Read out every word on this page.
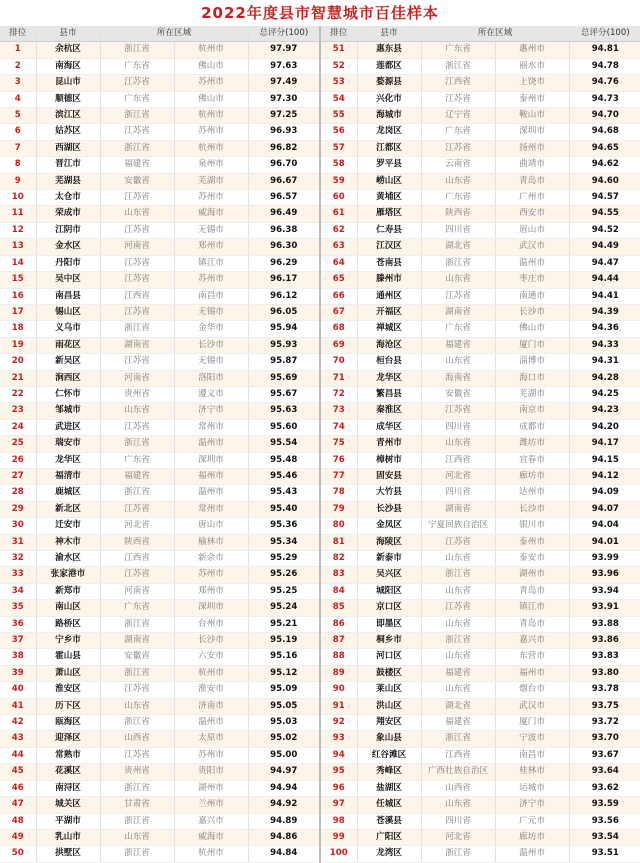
2022年度县市智慧城市百佳样本
排位	县市	所在区域		总评分(100)
1	余杭区	浙江省	杭州市	97.97
2	南海区	广东省	佛山市	97.63
3	昆山市	江苏省	苏州市	97.49
4	顺德区	广东省	佛山市	97.30
5	滨江区	浙江省	杭州市	97.25
6	姑苏区	江苏省	苏州市	96.93
7	西湖区	浙江省	杭州市	96.82
8	晋江市	福建省	泉州市	96.70
9	芜湖县	安徽省	芜湖市	96.67
10	太仓市	江苏省	苏州市	96.57
11	荣成市	山东省	威海市	96.49
12	江阴市	江苏省	无锡市	96.38
13	金水区	河南省	郑州市	96.30
14	丹阳市	江苏省	镇江市	96.29
15	吴中区	江苏省	苏州市	96.17
16	南昌县	江西省	南昌市	96.12
17	锡山区	江苏省	无锡市	96.05
18	义乌市	浙江省	金华市	95.94
19	雨花区	湖南省	长沙市	95.93
20	新吴区	江苏省	无锡市	95.87
21	涧西区	河南省	洛阳市	95.69
22	仁怀市	贵州省	遵义市	95.67
23	邹城市	山东省	济宁市	95.63
24	武进区	江苏省	常州市	95.60
25	瑞安市	浙江省	温州市	95.54
26	龙华区	广东省	深圳市	95.48
27	福清市	福建省	福州市	95.46
28	鹿城区	浙江省	温州市	95.43
29	新北区	江苏省	常州市	95.40
30	迁安市	河北省	唐山市	95.36
31	神木市	陕西省	榆林市	95.34
32	渝水区	江西省	新余市	95.29
33	张家港市	江苏省	苏州市	95.26
34	新郑市	河南省	郑州市	95.25
35	南山区	广东省	深圳市	95.24
36	路桥区	浙江省	台州市	95.21
37	宁乡市	湖南省	长沙市	95.19
38	霍山县	安徽省	六安市	95.16
39	萧山区	浙江省	杭州市	95.12
40	淮安区	江苏省	淮安市	95.09
41	历下区	山东省	济南市	95.05
42	瓯海区	浙江省	温州市	95.03
43	迎泽区	山西省	太原市	95.02
44	常熟市	江苏省	苏州市	95.00
45	花溪区	贵州省	贵阳市	94.97
46	南浔区	浙江省	湖州市	94.94
47	城关区	甘肃省	兰州市	94.92
48	平湖市	浙江省	嘉兴市	94.89
49	乳山市	山东省	威海市	94.86
50	拱墅区	浙江省	杭州市	94.84
排位	县市	所在区域		总评分(100)
51	惠东县	广东省	惠州市	94.81
52	莲都区	浙江省	丽水市	94.78
53	婺源县	江西省	上饶市	94.76
54	兴化市	江苏省	泰州市	94.73
55	海城市	辽宁省	鞍山市	94.70
56	龙岗区	广东省	深圳市	94.68
57	江都区	江苏省	扬州市	94.65
58	罗平县	云南省	曲靖市	94.62
59	崂山区	山东省	青岛市	94.60
60	黄埔区	广东省	广州市	94.57
61	雁塔区	陕西省	西安市	94.55
62	仁寿县	四川省	眉山市	94.52
63	江汉区	湖北省	武汉市	94.49
64	苍南县	浙江省	温州市	94.47
65	滕州市	山东省	枣庄市	94.44
66	通州区	江苏省	南通市	94.41
67	开福区	湖南省	长沙市	94.39
68	禅城区	广东省	佛山市	94.36
69	海沧区	福建省	厦门市	94.33
70	桓台县	山东省	淄博市	94.31
71	龙华区	海南省	海口市	94.28
72	繁昌县	安徽省	芜湖市	94.25
73	秦淮区	江苏省	南京市	94.23
74	成华区	四川省	成都市	94.20
75	青州市	山东省	潍坊市	94.17
76	樟树市	江西省	宜春市	94.15
77	固安县	河北省	廊坊市	94.12
78	大竹县	四川省	达州市	94.09
79	长沙县	湖南省	长沙市	94.07
80	金凤区	宁夏回族自治区	银川市	94.04
81	海陵区	江苏省	泰州市	94.01
82	新泰市	山东省	泰安市	93.99
83	吴兴区	浙江省	湖州市	93.96
84	城阳区	山东省	青岛市	93.94
85	京口区	江苏省	镇江市	93.91
86	即墨区	山东省	青岛市	93.88
87	桐乡市	浙江省	嘉兴市	93.86
88	河口区	山东省	东营市	93.83
89	鼓楼区	福建省	福州市	93.80
90	莱山区	山东省	烟台市	93.78
91	洪山区	湖北省	武汉市	93.75
92	翔安区	福建省	厦门市	93.72
93	象山县	浙江省	宁波市	93.70
94	红谷滩区	江西省	南昌市	93.67
95	秀峰区	广西壮族自治区	桂林市	93.64
96	盐湖区	山西省	运城市	93.62
97	任城区	山东省	济宁市	93.59
98	苍溪县	四川省	广元市	93.56
99	广阳区	河北省	廊坊市	93.54
100	龙湾区	浙江省	温州市	93.51
